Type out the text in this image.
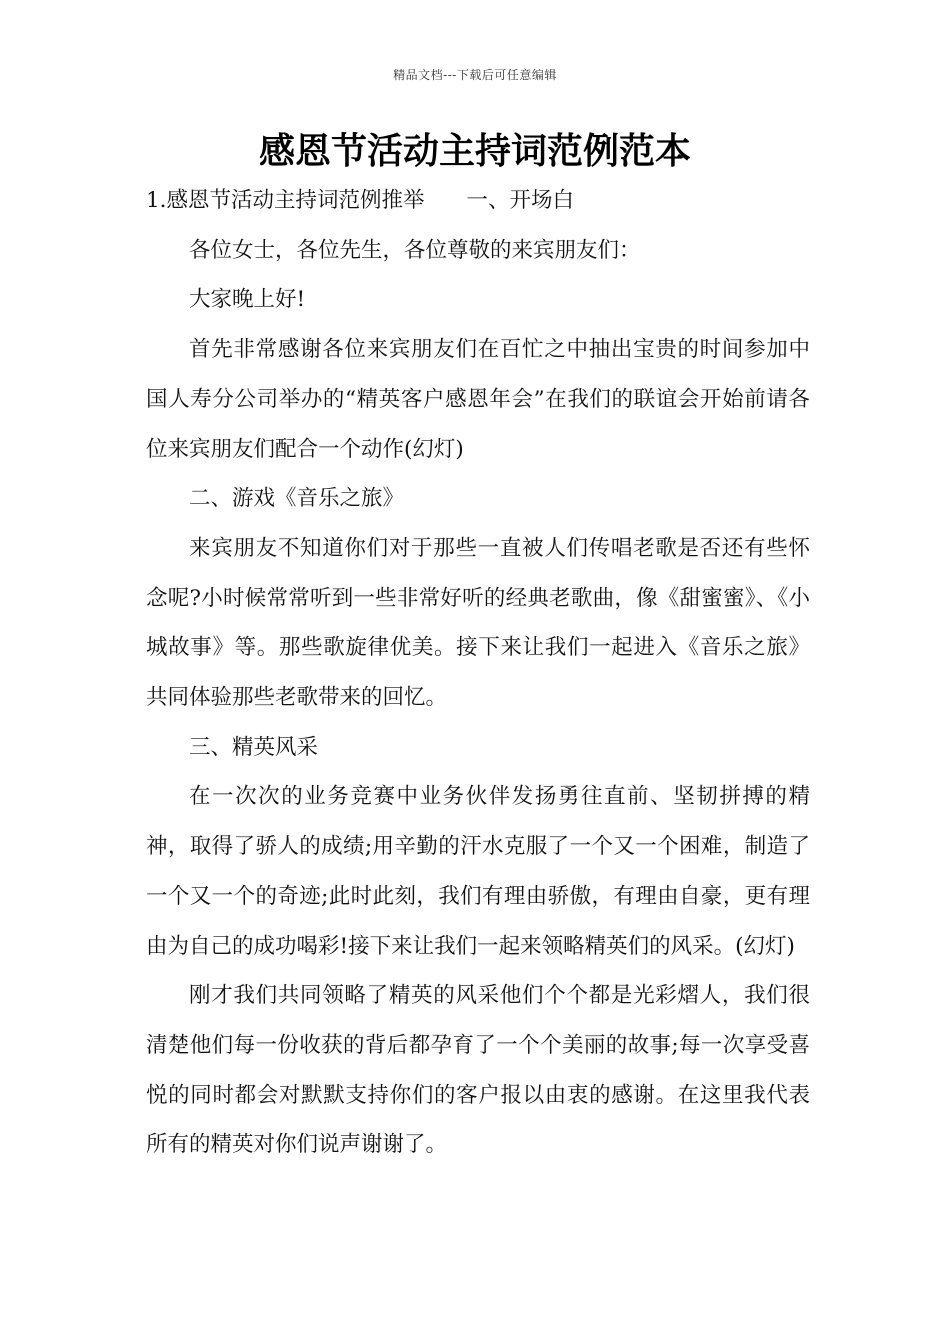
精品文档---下载后可任意编辑
感恩节活动主持词范例范本

1.感恩节活动主持词范例推举 一、开场白

各位女士，各位先生，各位尊敬的来宾朋友们：

大家晚上好!

首先非常感谢各位来宾朋友们在百忙之中抽出宝贵的时间参加中国人寿分公司举办的“精英客户感恩年会”在我们的联谊会开始前请各位来宾朋友们配合一个动作(幻灯)

二、游戏《音乐之旅》

来宾朋友不知道你们对于那些一直被人们传唱老歌是否还有些怀念呢?小时候常常听到一些非常好听的经典老歌曲，像《甜蜜蜜》、《小城故事》等。那些歌旋律优美。接下来让我们一起进入《音乐之旅》共同体验那些老歌带来的回忆。

三、精英风采

在一次次的业务竞赛中业务伙伴发扬勇往直前、坚韧拼搏的精神，取得了骄人的成绩;用辛勤的汗水克服了一个又一个困难，制造了一个又一个的奇迹;此时此刻，我们有理由骄傲，有理由自豪，更有理由为自己的成功喝彩!接下来让我们一起来领略精英们的风采。(幻灯)

刚才我们共同领略了精英的风采他们个个都是光彩熠人，我们很清楚他们每一份收获的背后都孕育了一个个美丽的故事;每一次享受喜悦的同时都会对默默支持你们的客户报以由衷的感谢。在这里我代表所有的精英对你们说声谢谢了。
